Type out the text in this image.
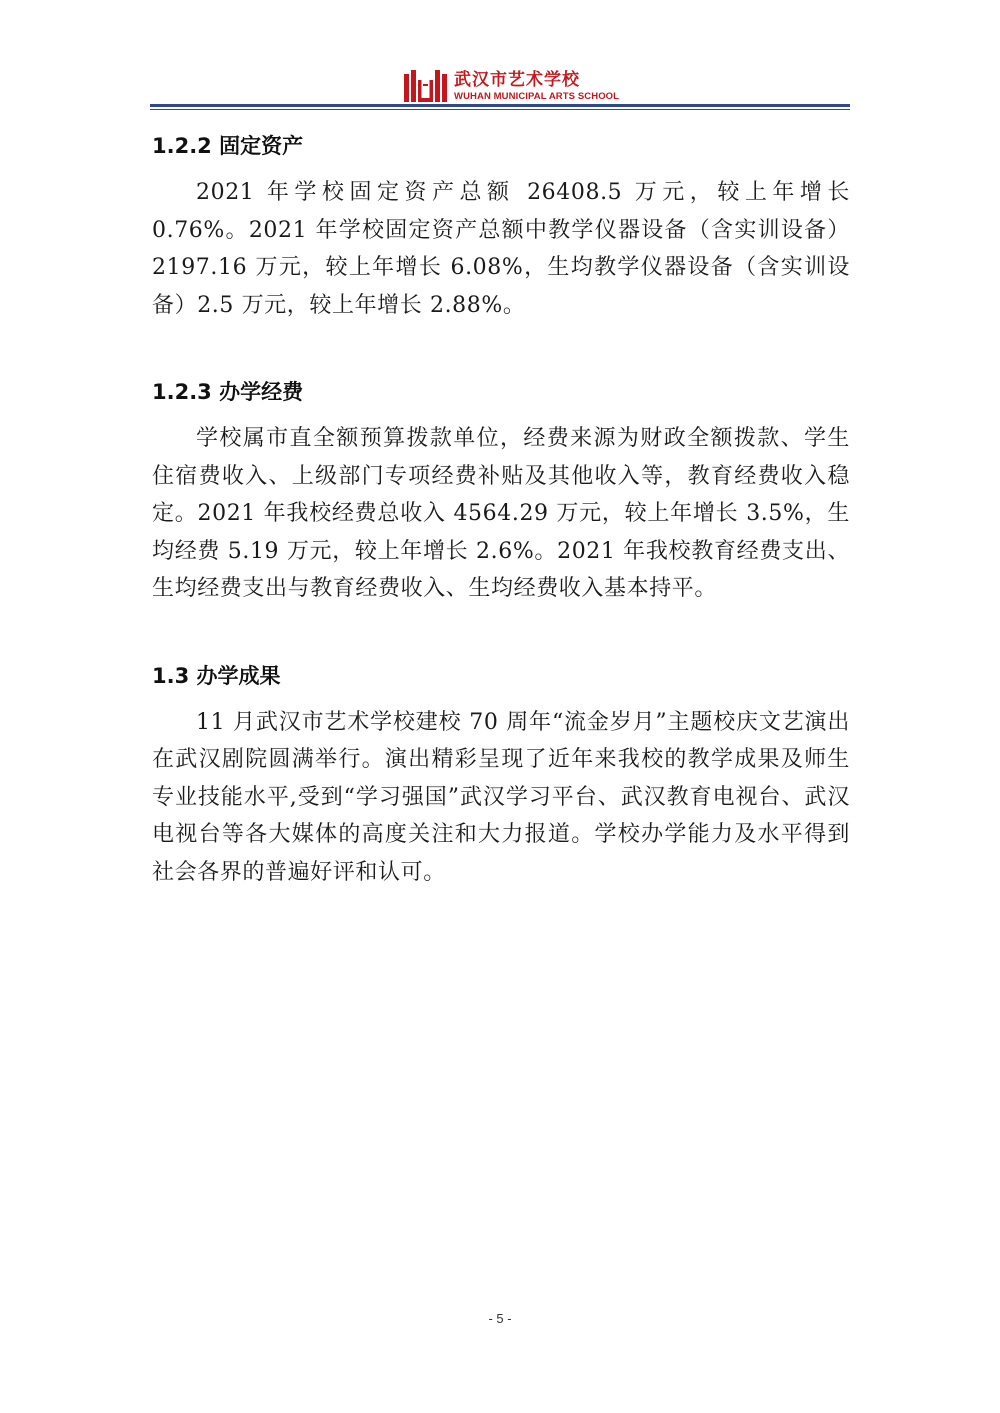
武汉市艺术学校
WUHAN MUNICIPAL ARTS SCHOOL
1.2.2 固定资产

2021 年学校固定资产总额 26408.5 万元，较上年增长0.76%。2021 年学校固定资产总额中教学仪器设备（含实训设备）2197.16 万元，较上年增长 6.08%，生均教学仪器设备（含实训设备）2.5 万元，较上年增长 2.88%。

1.2.3 办学经费

学校属市直全额预算拨款单位，经费来源为财政全额拨款、学生住宿费收入、上级部门专项经费补贴及其他收入等，教育经费收入稳定。2021 年我校经费总收入 4564.29 万元，较上年增长 3.5%，生均经费 5.19 万元，较上年增长 2.6%。2021 年我校教育经费支出、生均经费支出与教育经费收入、生均经费收入基本持平。

1.3 办学成果

11 月武汉市艺术学校建校 70 周年“流金岁月”主题校庆文艺演出在武汉剧院圆满举行。演出精彩呈现了近年来我校的教学成果及师生专业技能水平,受到“学习强国”武汉学习平台、武汉教育电视台、武汉电视台等各大媒体的高度关注和大力报道。学校办学能力及水平得到社会各界的普遍好评和认可。

- 5 -
